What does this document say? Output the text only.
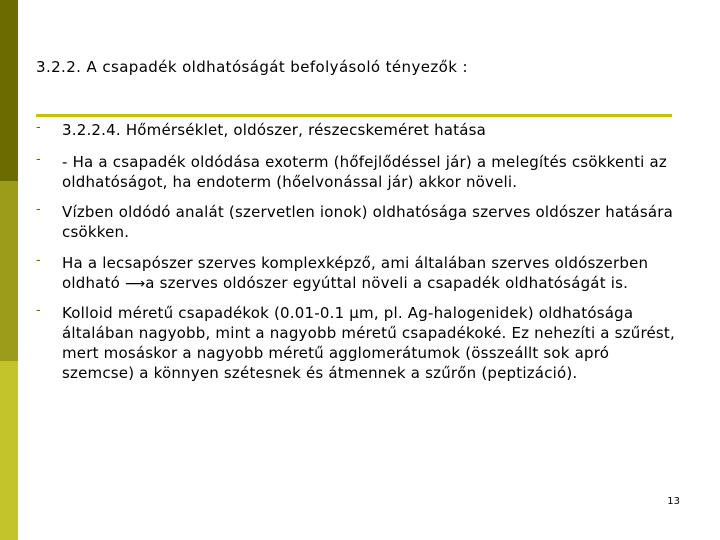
3.2.2. A csapadék oldhatóságát befolyásoló tényezők :
- 3.2.2.4. Hőmérséklet, oldószer, részecskeméret hatása
- - Ha a csapadék oldódása exoterm (hőfejlődéssel jár) a melegítés csökkenti az oldhatóságot, ha endoterm (hőelvonással jár) akkor növeli.
- Vízben oldódó analát (szervetlen ionok) oldhatósága szerves oldószer hatására csökken.
- Ha a lecsapószer szerves komplexképző, ami általában szerves oldószerben oldható ⟶a szerves oldószer egyúttal növeli a csapadék oldhatóságát is.
- Kolloid méretű csapadékok (0.01-0.1 µm, pl. Ag-halogenidek) oldhatósága általában nagyobb, mint a nagyobb méretű csapadékoké. Ez nehezíti a szűrést, mert mosáskor a nagyobb méretű agglomerátumok (összeállt sok apró szemcse) a könnyen szétesnek és átmennek a szűrőn (peptizáció).
13
